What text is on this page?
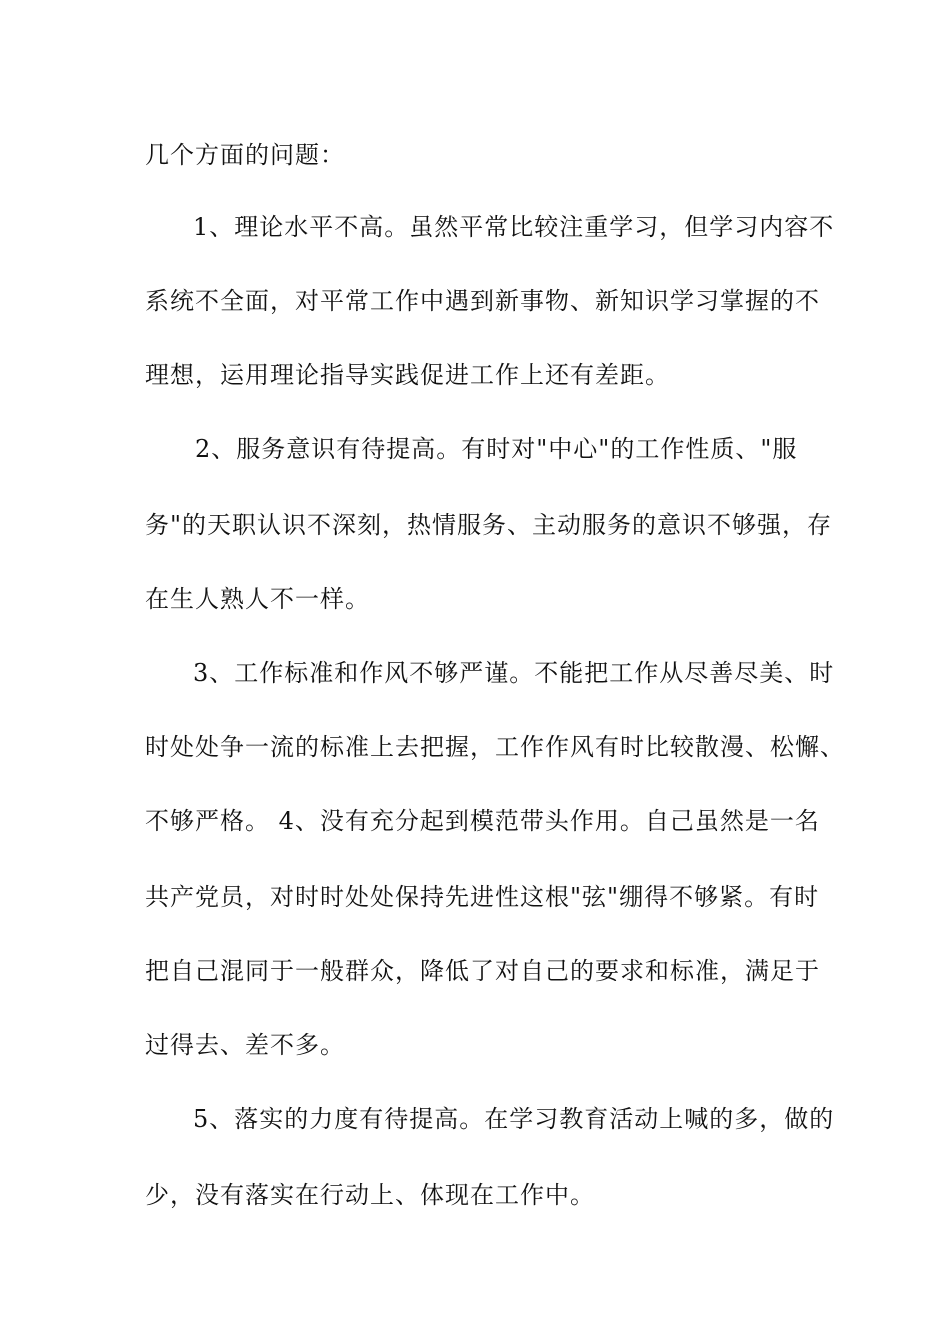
几个方面的问题：
1、理论水平不高。虽然平常比较注重学习，但学习内容不
系统不全面，对平常工作中遇到新事物、新知识学习掌握的不
理想，运用理论指导实践促进工作上还有差距。
2、服务意识有待提高。有时对"中心"的工作性质、"服
务"的天职认识不深刻，热情服务、主动服务的意识不够强，存
在生人熟人不一样。
3、工作标准和作风不够严谨。不能把工作从尽善尽美、时
时处处争一流的标准上去把握，工作作风有时比较散漫、松懈、
不够严格。 4、没有充分起到模范带头作用。自己虽然是一名
共产党员，对时时处处保持先进性这根"弦"绷得不够紧。有时
把自己混同于一般群众，降低了对自己的要求和标准，满足于
过得去、差不多。
5、落实的力度有待提高。在学习教育活动上喊的多，做的
少，没有落实在行动上、体现在工作中。
